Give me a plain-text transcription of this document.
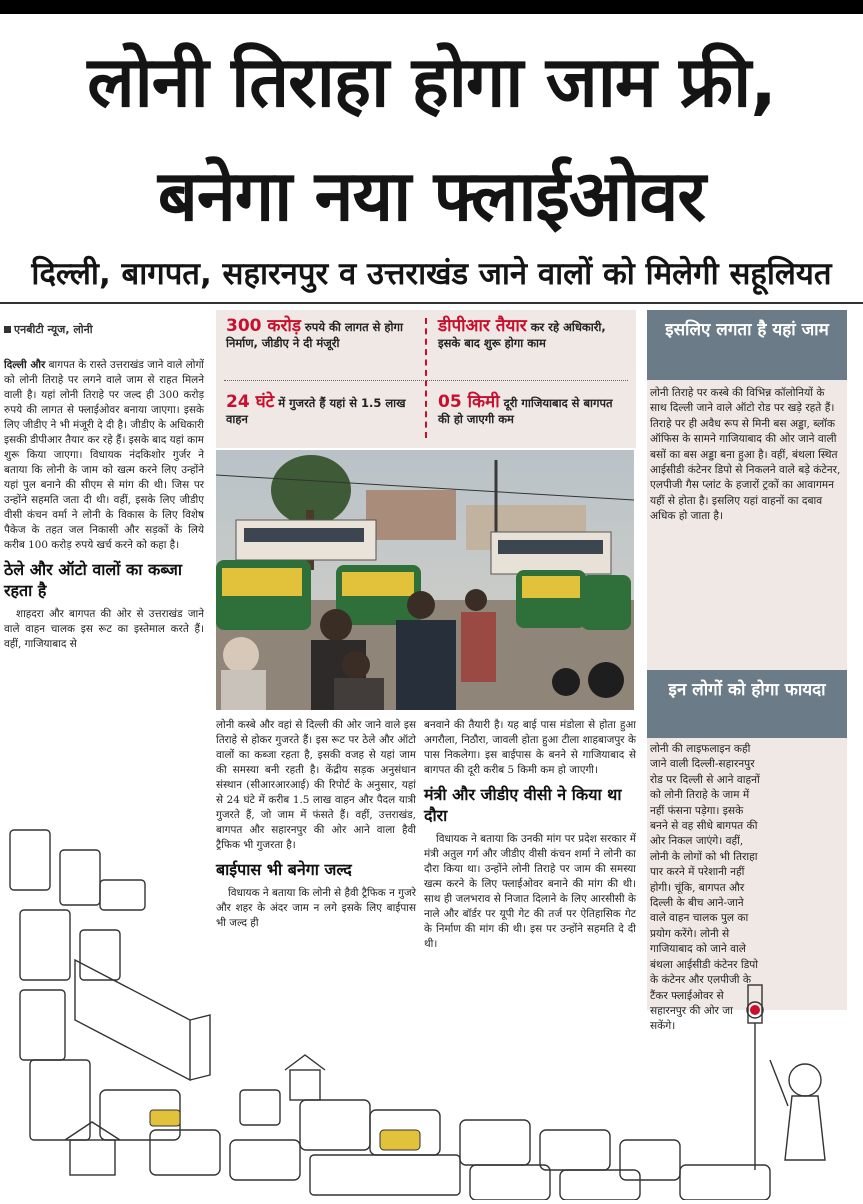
लोनी तिराहा होगा जाम फ्री,
बनेगा नया फ्लाईओवर
दिल्ली, बागपत, सहारनपुर व उत्तराखंड जाने वालों को मिलेगी सहूलियत
एनबीटी न्यूज, लोनी

दिल्ली और बागपत के रास्ते उत्तराखंड जाने वाले लोगों को लोनी तिराहे पर लगने वाले जाम से राहत मिलने वाली है। यहां लोनी तिराहे पर जल्द ही 300 करोड़ रुपये की लागत से फ्लाईओवर बनाया जाएगा। इसके लिए जीडीए ने भी मंजूरी दे दी है। जीडीए के अधिकारी इसकी डीपीआर तैयार कर रहे हैं। इसके बाद यहां काम शुरू किया जाएगा। विधायक नंदकिशोर गुर्जर ने बताया कि लोनी के जाम को खत्म करने लिए उन्होंने यहां पुल बनाने की सीएम से मांग की थी। जिस पर उन्होंने सहमति जता दी थी। वहीं, इसके लिए जीडीए वीसी कंचन वर्मा ने लोनी के विकास के लिए विशेष पैकेज के तहत जल निकासी और सड़कों के लिये करीब 100 करोड़ रुपये खर्च करने को कहा है।

ठेले और ऑटो वालों का कब्जा रहता है

शाहदरा और बागपत की ओर से उत्तराखंड जाने वाले वाहन चालक इस रूट का इस्तेमाल करते हैं। वहीं, गाजियाबाद से

300 करोड़ रुपये की लागत से होगा निर्माण, जीडीए ने दी मंजूरी
डीपीआर तैयार कर रहे अधिकारी, इसके बाद शुरू होगा काम
24 घंटे में गुजरते हैं यहां से 1.5 लाख वाहन
05 किमी दूरी गाजियाबाद से बागपत की हो जाएगी कम

लोनी कस्बे और वहां से दिल्ली की ओर जाने वाले इस तिराहे से होकर गुजरते हैं। इस रूट पर ठेले और ऑटो वालों का कब्जा रहता है, इसकी वजह से यहां जाम की समस्या बनी रहती है। केंद्रीय सड़क अनुसंधान संस्थान (सीआरआरआई) की रिपोर्ट के अनुसार, यहां से 24 घंटे में करीब 1.5 लाख वाहन और पैदल यात्री गुजरते हैं, जो जाम में फंसते हैं। वहीं, उत्तराखंड, बागपत और सहारनपुर की ओर आने वाला हैवी ट्रैफिक भी गुजरता है।

बाईपास भी बनेगा जल्द

विधायक ने बताया कि लोनी से हैवी ट्रैफिक न गुजरे और शहर के अंदर जाम न लगे इसके लिए बाईपास भी जल्द ही

बनवाने की तैयारी है। यह बाई पास मंडोला से होता हुआ अगरौला, निठौरा, जावली होता हुआ टीला शाहबाजपुर के पास निकलेगा। इस बाईपास के बनने से गाजियाबाद से बागपत की दूरी करीब 5 किमी कम हो जाएगी।

मंत्री और जीडीए वीसी ने किया था दौरा

विधायक ने बताया कि उनकी मांग पर प्रदेश सरकार में मंत्री अतुल गर्ग और जीडीए वीसी कंचन शर्मा ने लोनी का दौरा किया था। उन्होंने लोनी तिराहे पर जाम की समस्या खत्म करने के लिए फ्लाईओवर बनाने की मांग की थी। साथ ही जलभराव से निजात दिलाने के लिए आरसीसी के नाले और बॉर्डर पर यूपी गेट की तर्ज पर ऐतिहासिक गेट के निर्माण की मांग की थी। इस पर उन्होंने सहमति दे दी थी।

इसलिए लगता है यहां जाम
लोनी तिराहे पर कस्बे की विभिन्न कॉलोनियों के साथ दिल्ली जाने वाले ऑटो रोड पर खड़े रहते हैं। तिराहे पर ही अवैध रूप से मिनी बस अड्डा, ब्लॉक ऑफिस के सामने गाजियाबाद की ओर जाने वाली बसों का बस अड्डा बना हुआ है। वहीं, बंथला स्थित आईसीडी कंटेनर डिपो से निकलने वाले बड़े कंटेनर, एलपीजी गैस प्लांट के हजारों ट्रकों का आवागमन यहीं से होता है। इसलिए यहां वाहनों का दबाव अधिक हो जाता है।
इन लोगों को होगा फायदा
लोनी की लाइफलाइन कही जाने वाली दिल्ली-सहारनपुर रोड पर दिल्ली से आने वाहनों को लोनी तिराहे के जाम में नहीं फंसना पड़ेगा। इसके बनने से वह सीधे बागपत की ओर निकल जाएंगे। वहीं, लोनी के लोगों को भी तिराहा पार करने में परेशानी नहीं होगी। चूंकि, बागपत और दिल्ली के बीच आने-जाने वाले वाहन चालक पुल का प्रयोग करेंगे। लोनी से गाजियाबाद को जाने वाले बंथला आईसीडी कंटेनर डिपो के कंटेनर और एलपीजी के टैंकर फ्लाईओवर से सहारनपुर की ओर जा सकेंगे।
